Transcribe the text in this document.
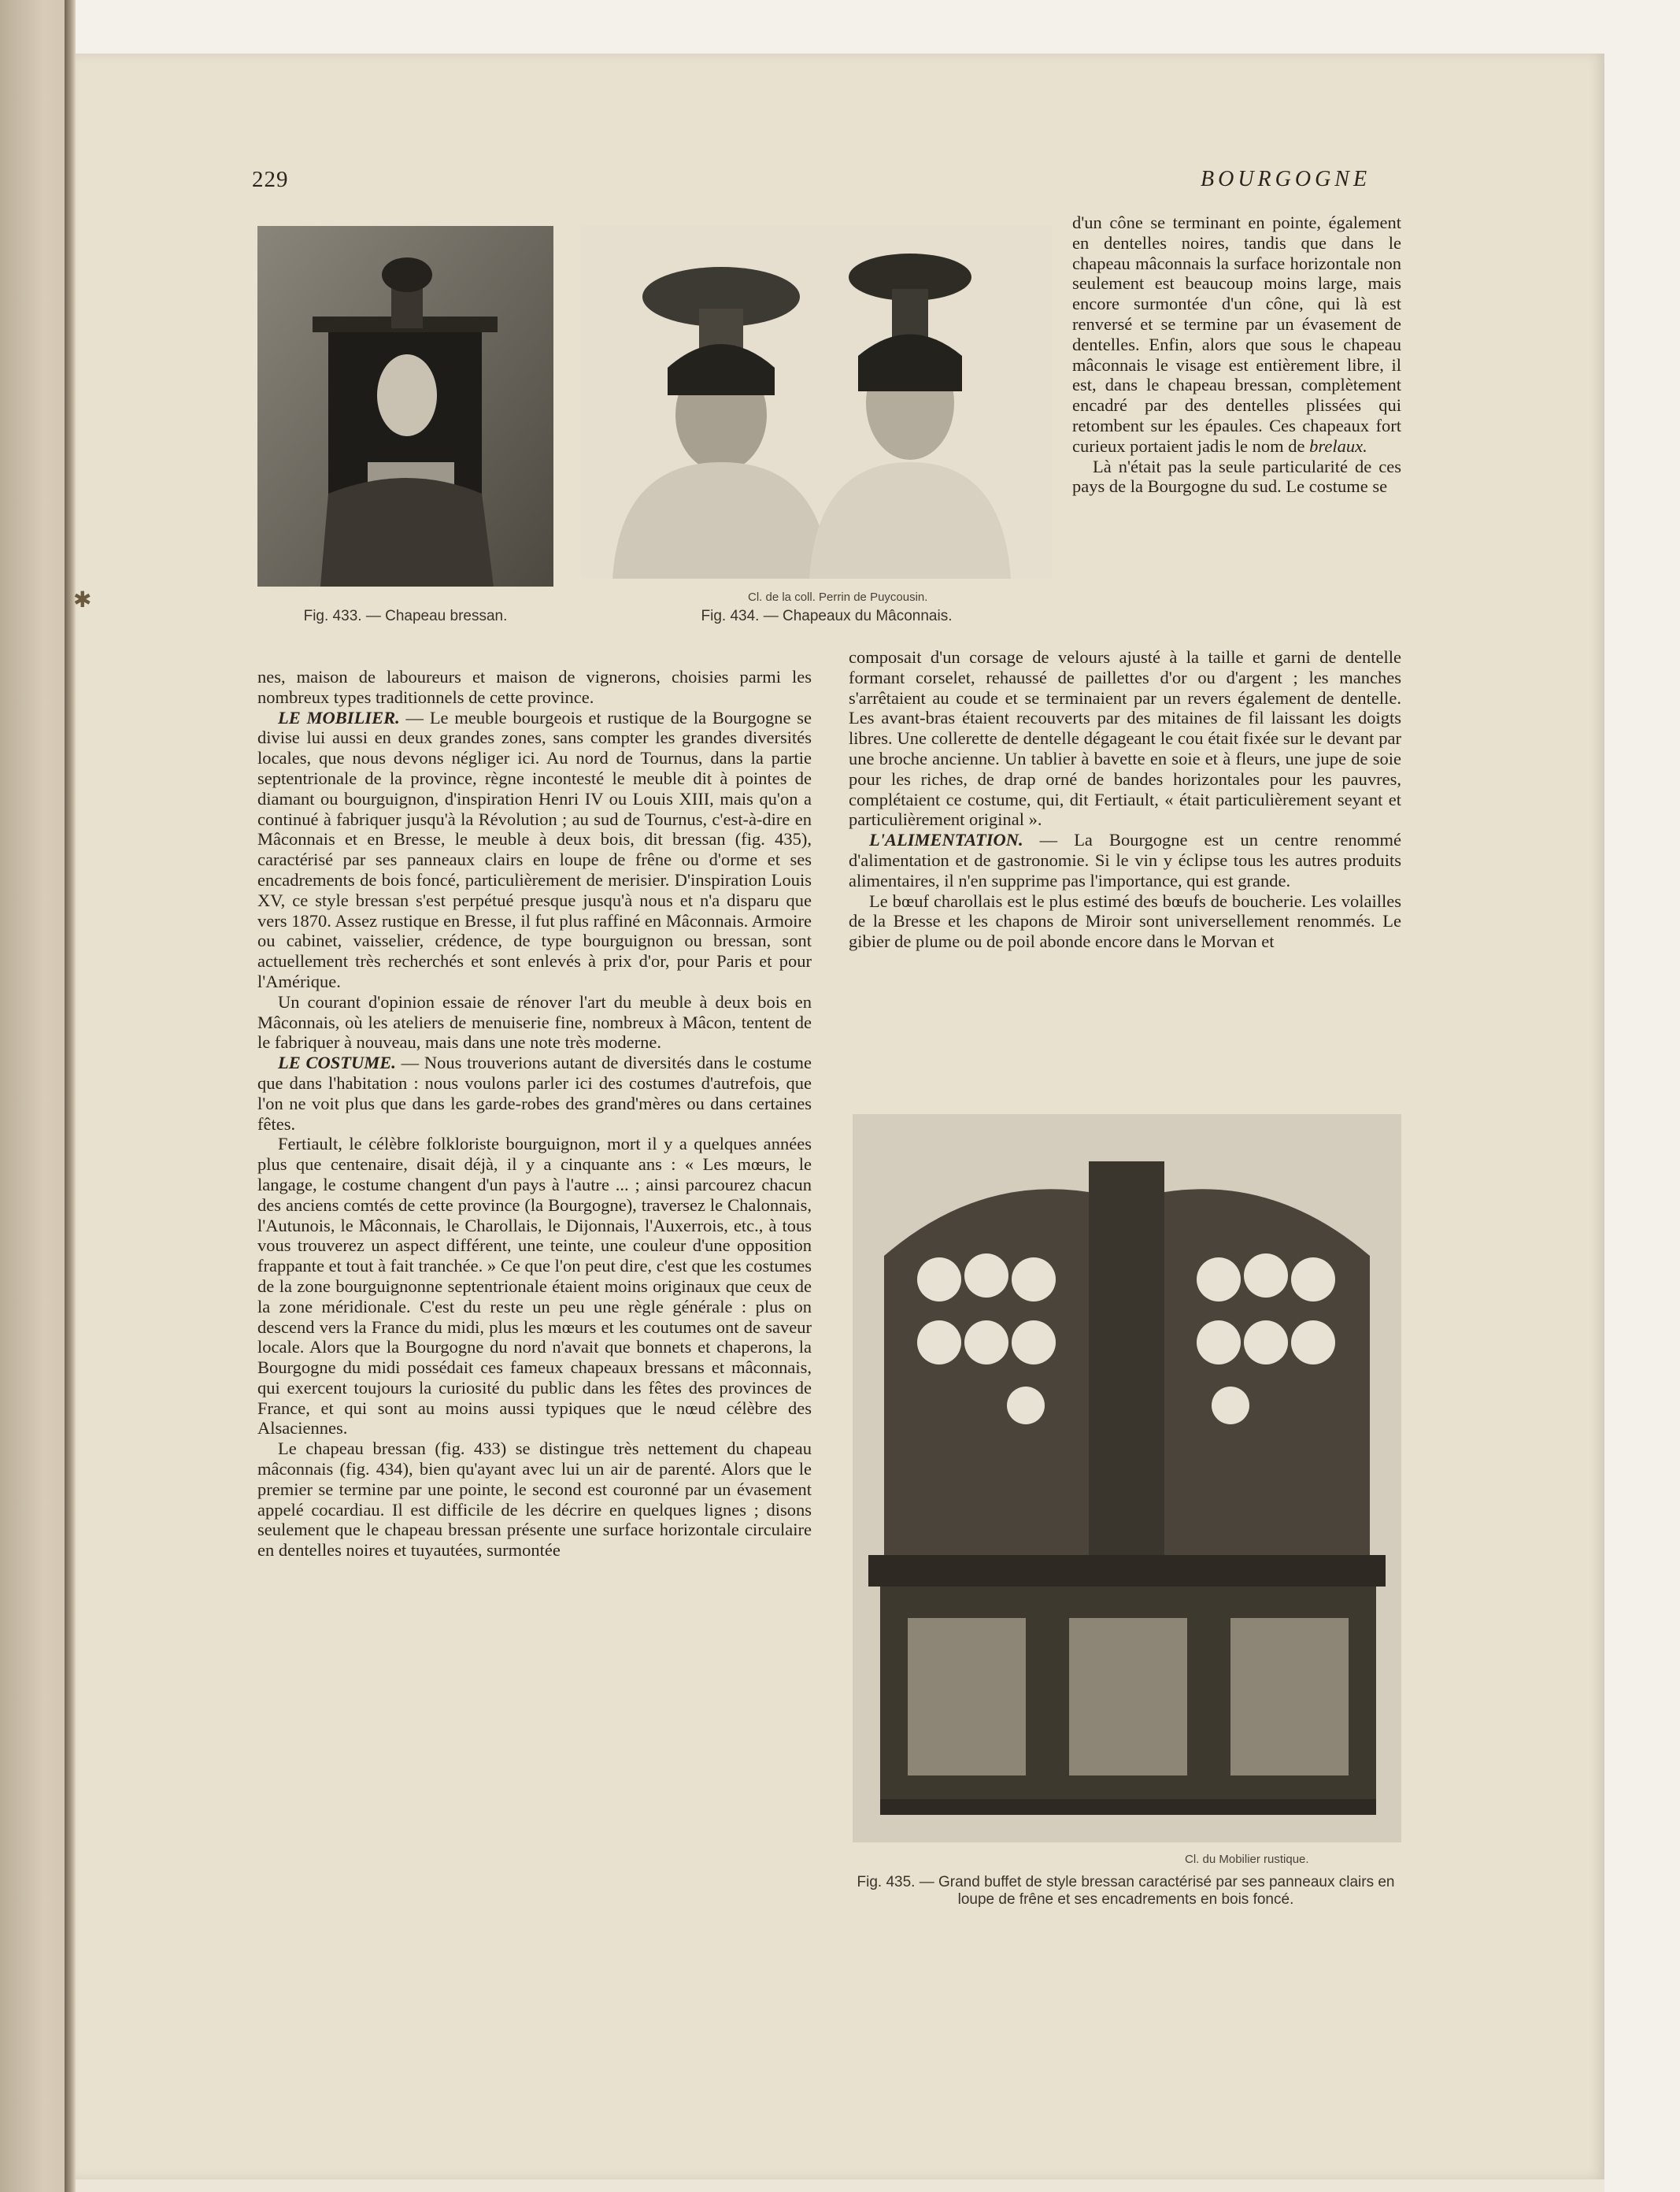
229	BOURGOGNE
✱
Fig. 433. — Chapeau bressan.
Cl. de la coll. Perrin de Puycousin.
Fig. 434. — Chapeaux du Mâconnais.

d'un cône se terminant en pointe, également en dentelles noires, tandis que dans le chapeau mâconnais la surface horizontale non seulement est beaucoup moins large, mais encore surmontée d'un cône, qui là est renversé et se termine par un évasement de dentelles. Enfin, alors que sous le chapeau mâconnais le visage est entièrement libre, il est, dans le chapeau bressan, complètement encadré par des dentelles plissées qui retombent sur les épaules. Ces chapeaux fort curieux portaient jadis le nom de brelaux.

Là n'était pas la seule particularité de ces pays de la Bourgogne du sud. Le costume se

nes, maison de laboureurs et maison de vignerons, choisies parmi les nombreux types traditionnels de cette province.

LE MOBILIER. — Le meuble bourgeois et rustique de la Bourgogne se divise lui aussi en deux grandes zones, sans compter les grandes diversités locales, que nous devons négliger ici. Au nord de Tournus, dans la partie septentrionale de la province, règne incontesté le meuble dit à pointes de diamant ou bourguignon, d'inspiration Henri IV ou Louis XIII, mais qu'on a continué à fabriquer jusqu'à la Révolution ; au sud de Tournus, c'est-à-dire en Mâconnais et en Bresse, le meuble à deux bois, dit bressan (fig. 435), caractérisé par ses panneaux clairs en loupe de frêne ou d'orme et ses encadrements de bois foncé, particulièrement de merisier. D'inspiration Louis XV, ce style bressan s'est perpétué presque jusqu'à nous et n'a disparu que vers 1870. Assez rustique en Bresse, il fut plus raffiné en Mâconnais. Armoire ou cabinet, vaisselier, crédence, de type bourguignon ou bressan, sont actuellement très recherchés et sont enlevés à prix d'or, pour Paris et pour l'Amérique.

Un courant d'opinion essaie de rénover l'art du meuble à deux bois en Mâconnais, où les ateliers de menuiserie fine, nombreux à Mâcon, tentent de le fabriquer à nouveau, mais dans une note très moderne.

LE COSTUME. — Nous trouverions autant de diversités dans le costume que dans l'habitation : nous voulons parler ici des costumes d'autrefois, que l'on ne voit plus que dans les garde-robes des grand'mères ou dans certaines fêtes.

Fertiault, le célèbre folkloriste bourguignon, mort il y a quelques années plus que centenaire, disait déjà, il y a cinquante ans : « Les mœurs, le langage, le costume changent d'un pays à l'autre ... ; ainsi parcourez chacun des anciens comtés de cette province (la Bourgogne), traversez le Chalonnais, l'Autunois, le Mâconnais, le Charollais, le Dijonnais, l'Auxerrois, etc., à tous vous trouverez un aspect différent, une teinte, une couleur d'une opposition frappante et tout à fait tranchée. » Ce que l'on peut dire, c'est que les costumes de la zone bourguignonne septentrionale étaient moins originaux que ceux de la zone méridionale. C'est du reste un peu une règle générale : plus on descend vers la France du midi, plus les mœurs et les coutumes ont de saveur locale. Alors que la Bourgogne du nord n'avait que bonnets et chaperons, la Bourgogne du midi possédait ces fameux chapeaux bressans et mâconnais, qui exercent toujours la curiosité du public dans les fêtes des provinces de France, et qui sont au moins aussi typiques que le nœud célèbre des Alsaciennes.

Le chapeau bressan (fig. 433) se distingue très nettement du chapeau mâconnais (fig. 434), bien qu'ayant avec lui un air de parenté. Alors que le premier se termine par une pointe, le second est couronné par un évasement appelé cocardiau. Il est difficile de les décrire en quelques lignes ; disons seulement que le chapeau bressan présente une surface horizontale circulaire en dentelles noires et tuyautées, surmontée

composait d'un corsage de velours ajusté à la taille et garni de dentelle formant corselet, rehaussé de paillettes d'or ou d'argent ; les manches s'arrêtaient au coude et se terminaient par un revers également de dentelle. Les avant-bras étaient recouverts par des mitaines de fil laissant les doigts libres. Une collerette de dentelle dégageant le cou était fixée sur le devant par une broche ancienne. Un tablier à bavette en soie et à fleurs, une jupe de soie pour les riches, de drap orné de bandes horizontales pour les pauvres, complétaient ce costume, qui, dit Fertiault, « était particulièrement seyant et particulièrement original ».

L'ALIMENTATION. — La Bourgogne est un centre renommé d'alimentation et de gastronomie. Si le vin y éclipse tous les autres produits alimentaires, il n'en supprime pas l'importance, qui est grande.

Le bœuf charollais est le plus estimé des bœufs de boucherie. Les volailles de la Bresse et les chapons de Miroir sont universellement renommés. Le gibier de plume ou de poil abonde encore dans le Morvan et

Cl. du Mobilier rustique.
Fig. 435. — Grand buffet de style bressan caractérisé par ses panneaux clairs en loupe de frêne et ses encadrements en bois foncé.
